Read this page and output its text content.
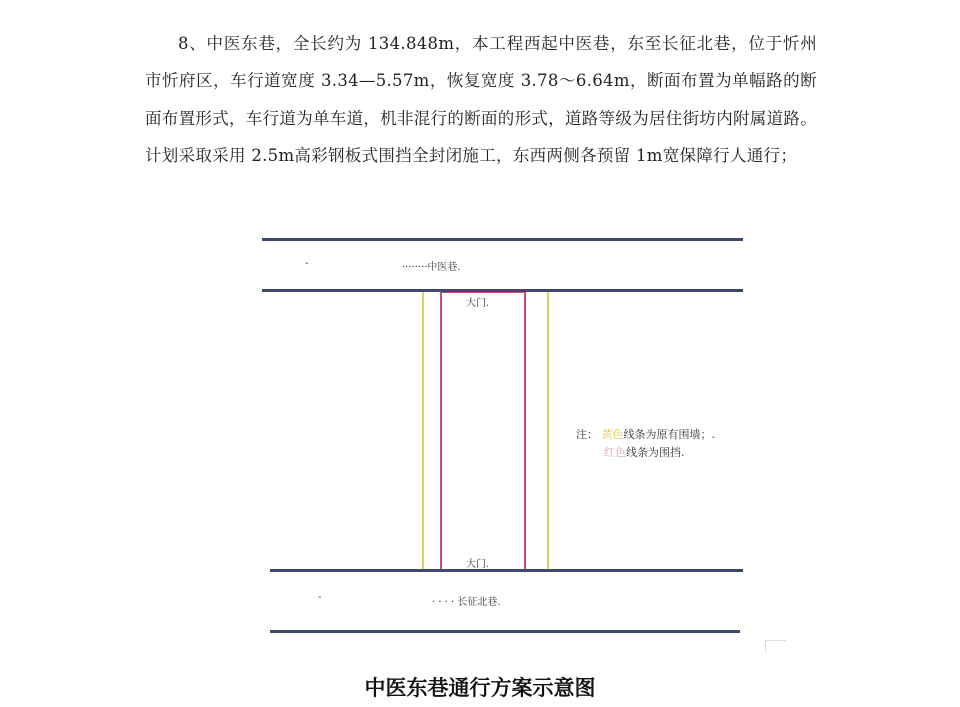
8、中医东巷，全长约为 134.848m，本工程西起中医巷，东至长征北巷，位于忻州市忻府区，车行道宽度 3.34—5.57m，恢复宽度 3.78～6.64m，断面布置为单幅路的断面布置形式，车行道为单车道，机非混行的断面的形式，道路等级为居住街坊内附属道路。计划采取采用 2.5m高彩钢板式围挡全封闭施工，东西两侧各预留 1m宽保障行人通行；

-	········中医巷.
大门.
大门.
-	· · · · 长征北巷.
注： 黄色线条为原有围墙；.
红色线条为围挡.
中医东巷通行方案示意图
